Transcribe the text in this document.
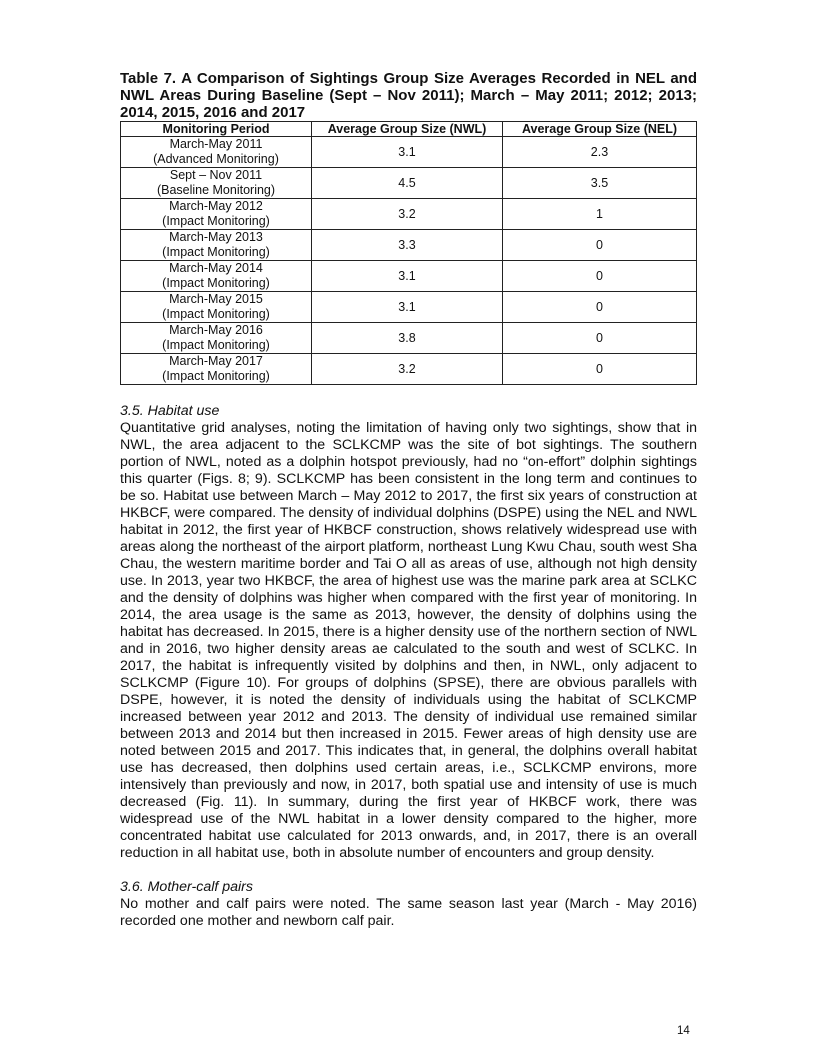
Table 7. A Comparison of Sightings Group Size Averages Recorded in NEL and NWL Areas During Baseline (Sept – Nov 2011); March – May 2011; 2012; 2013; 2014, 2015, 2016 and 2017

Monitoring Period	Average Group Size (NWL)	Average Group Size (NEL)

March-May 2011
(Advanced Monitoring)	3.1	2.3

Sept – Nov 2011
(Baseline Monitoring)	4.5	3.5

March-May 2012
(Impact Monitoring)	3.2	1

March-May 2013
(Impact Monitoring)	3.3	0

March-May 2014
(Impact Monitoring)	3.1	0

March-May 2015
(Impact Monitoring)	3.1	0

March-May 2016
(Impact Monitoring)	3.8	0

March-May 2017
(Impact Monitoring)	3.2	0

3.5. Habitat use

Quantitative grid analyses, noting the limitation of having only two sightings, show that in NWL, the area adjacent to the SCLKCMP was the site of bot sightings. The southern portion of NWL, noted as a dolphin hotspot previously, had no “on-effort” dolphin sightings this quarter (Figs. 8; 9). SCLKCMP has been consistent in the long term and continues to be so. Habitat use between March – May 2012 to 2017, the first six years of construction at HKBCF, were compared. The density of individual dolphins (DSPE) using the NEL and NWL habitat in 2012, the first year of HKBCF construction, shows relatively widespread use with areas along the northeast of the airport platform, northeast Lung Kwu Chau, south west Sha Chau, the western maritime border and Tai O all as areas of use, although not high density use. In 2013, year two HKBCF, the area of highest use was the marine park area at SCLKC and the density of dolphins was higher when compared with the first year of monitoring. In 2014, the area usage is the same as 2013, however, the density of dolphins using the habitat has decreased. In 2015, there is a higher density use of the northern section of NWL and in 2016, two higher density areas ae calculated to the south and west of SCLKC. In 2017, the habitat is infrequently visited by dolphins and then, in NWL, only adjacent to SCLKCMP (Figure 10). For groups of dolphins (SPSE), there are obvious parallels with DSPE, however, it is noted the density of individuals using the habitat of SCLKCMP increased between year 2012 and 2013. The density of individual use remained similar between 2013 and 2014 but then increased in 2015. Fewer areas of high density use are noted between 2015 and 2017. This indicates that, in general, the dolphins overall habitat use has decreased, then dolphins used certain areas, i.e., SCLKCMP environs, more intensively than previously and now, in 2017, both spatial use and intensity of use is much decreased (Fig. 11). In summary, during the first year of HKBCF work, there was widespread use of the NWL habitat in a lower density compared to the higher, more concentrated habitat use calculated for 2013 onwards, and, in 2017, there is an overall reduction in all habitat use, both in absolute number of encounters and group density.

3.6. Mother-calf pairs

No mother and calf pairs were noted. The same season last year (March - May 2016) recorded one mother and newborn calf pair.

14
